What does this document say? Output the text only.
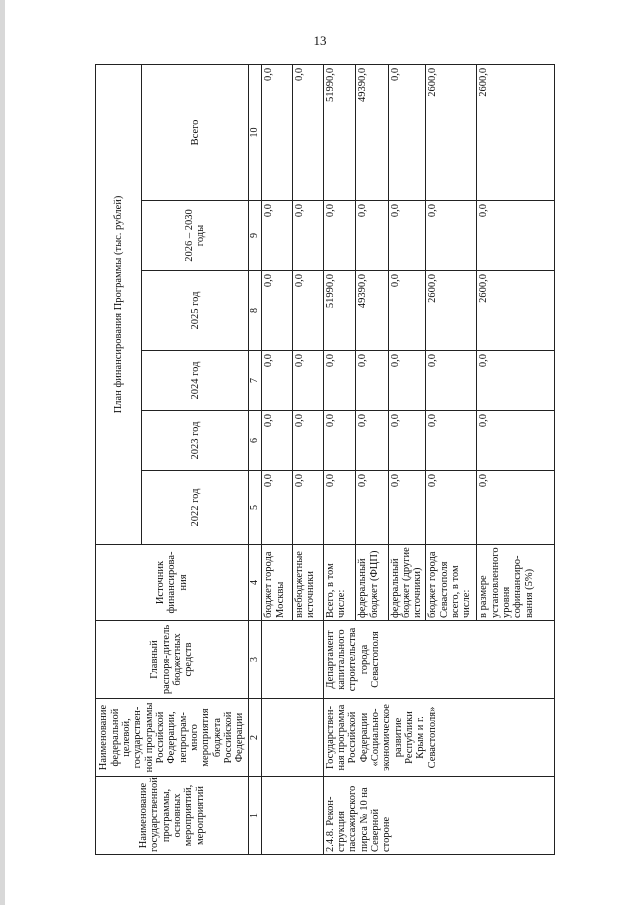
13
Наименование государственной программы, основных мероприятий, мероприятий	Наименование федеральной целевой, государствен-ной программы Российской Федерации, непрограм-много мероприятия бюджета Российской Федерации	Главный распоря-дитель бюджетных средств	Источник финансирова-ния	План финансирования Программы (тыс. рублей)					
				2022 год	2023 год	2024 год	2025 год	2026 – 2030 годы	Всего
1	2	3	4	5	6	7	8	9	10
			бюджет города Москвы	0,0	0,0	0,0	0,0	0,0	0,0
			внебюджетные источники	0,0	0,0	0,0	0,0	0,0	0,0
2.4.8. Рекон-струкция пассажирского пирса № 10 на Северной стороне	Государствен-ная программа Российской Федерации «Социально-экономическое развитие Республики Крым и г. Севастополя»	Департамент капитального строительства города Севастополя	Всего, в том числе:	0,0	0,0	0,0	51990,0	0,0	51990,0
			федеральный бюджет (ФЦП)	0,0	0,0	0,0	49390,0	0,0	49390,0
			федеральный бюджет (другие источники)	0,0	0,0	0,0	0,0	0,0	0,0
			бюджет города Севастополя всего, в том числе:	0,0	0,0	0,0	2600,0	0,0	2600,0
			в размере установленного уровня софинансиро-вания (5%)	0,0	0,0	0,0	2600,0	0,0	2600,0
